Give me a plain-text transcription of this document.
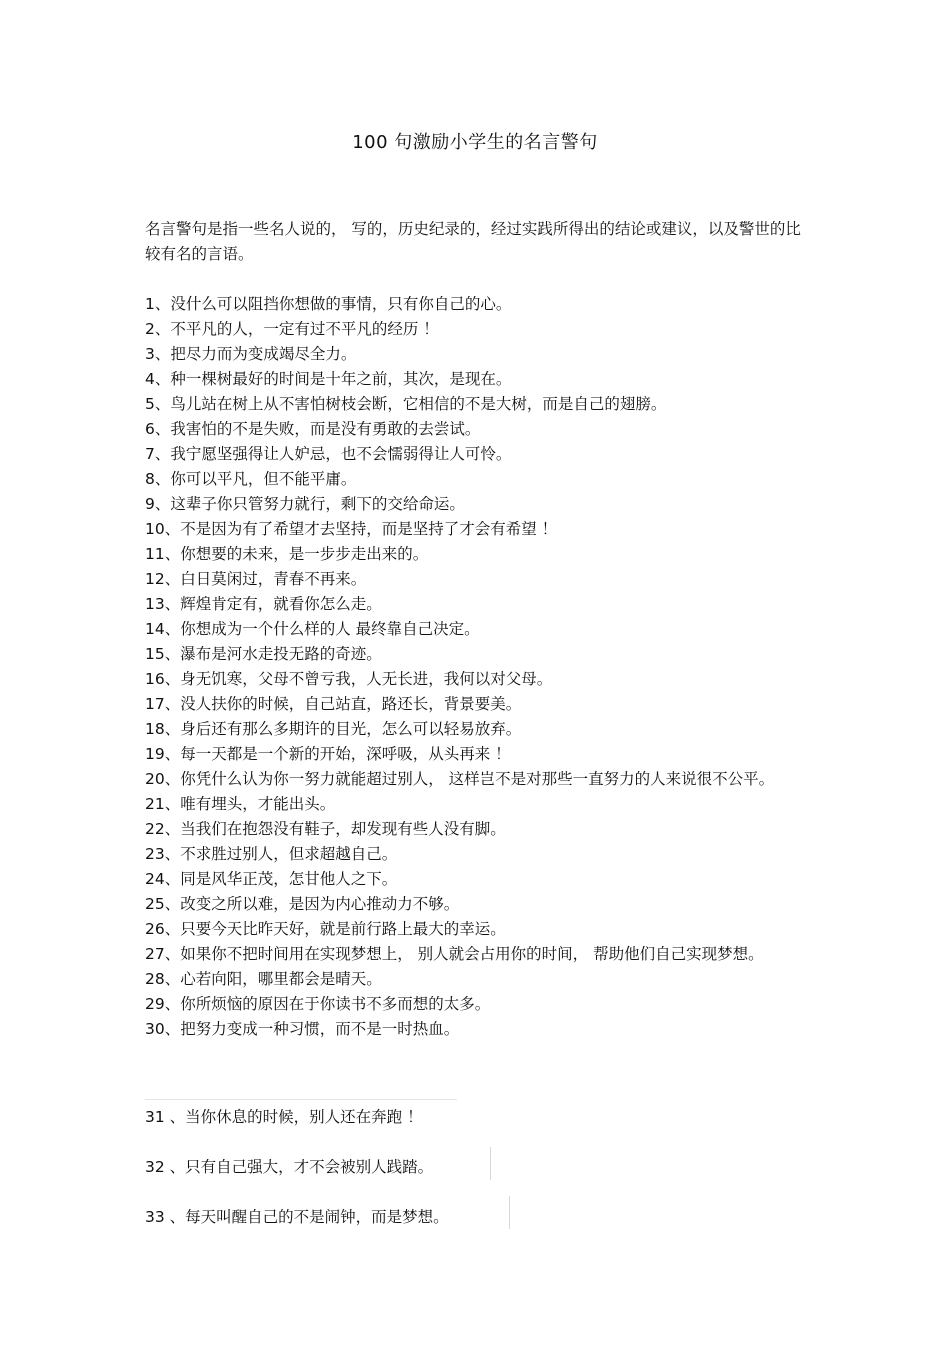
100 句激励小学生的名言警句
名言警句是指一些名人说的， 写的，历史纪录的，经过实践所得出的结论或建议，以及警世的比较有名的言语。
1、没什么可以阻挡你想做的事情，只有你自己的心。
2、不平凡的人，一定有过不平凡的经历 ！
3、把尽力而为变成竭尽全力。
4、种一棵树最好的时间是十年之前，其次，是现在。
5、鸟儿站在树上从不害怕树枝会断，它相信的不是大树，而是自己的翅膀。
6、我害怕的不是失败，而是没有勇敢的去尝试。
7、我宁愿坚强得让人妒忌，也不会懦弱得让人可怜。
8、你可以平凡，但不能平庸。
9、这辈子你只管努力就行，剩下的交给命运。
10、不是因为有了希望才去坚持，而是坚持了才会有希望 ！
11、你想要的未来，是一步步走出来的。
12、白日莫闲过，青春不再来。
13、辉煌肯定有，就看你怎么走。
14、你想成为一个什么样的人 最终靠自己决定。
15、瀑布是河水走投无路的奇迹。
16、身无饥寒，父母不曾亏我，人无长进，我何以对父母。
17、没人扶你的时候，自己站直，路还长，背景要美。
18、身后还有那么多期许的目光，怎么可以轻易放弃。
19、每一天都是一个新的开始，深呼吸，从头再来 ！
20、你凭什么认为你一努力就能超过别人， 这样岂不是对那些一直努力的人来说很不公平。
21、唯有埋头，才能出头。
22、当我们在抱怨没有鞋子，却发现有些人没有脚。
23、不求胜过别人，但求超越自己。
24、同是风华正茂，怎甘他人之下。
25、改变之所以难，是因为内心推动力不够。
26、只要今天比昨天好，就是前行路上最大的幸运。
27、如果你不把时间用在实现梦想上， 别人就会占用你的时间， 帮助他们自己实现梦想。
28、心若向阳，哪里都会是晴天。
29、你所烦恼的原因在于你读书不多而想的太多。
30、把努力变成一种习惯，而不是一时热血。
31 、当你休息的时候，别人还在奔跑 ！
32 、只有自己强大，才不会被别人践踏。
33 、每天叫醒自己的不是闹钟，而是梦想。
